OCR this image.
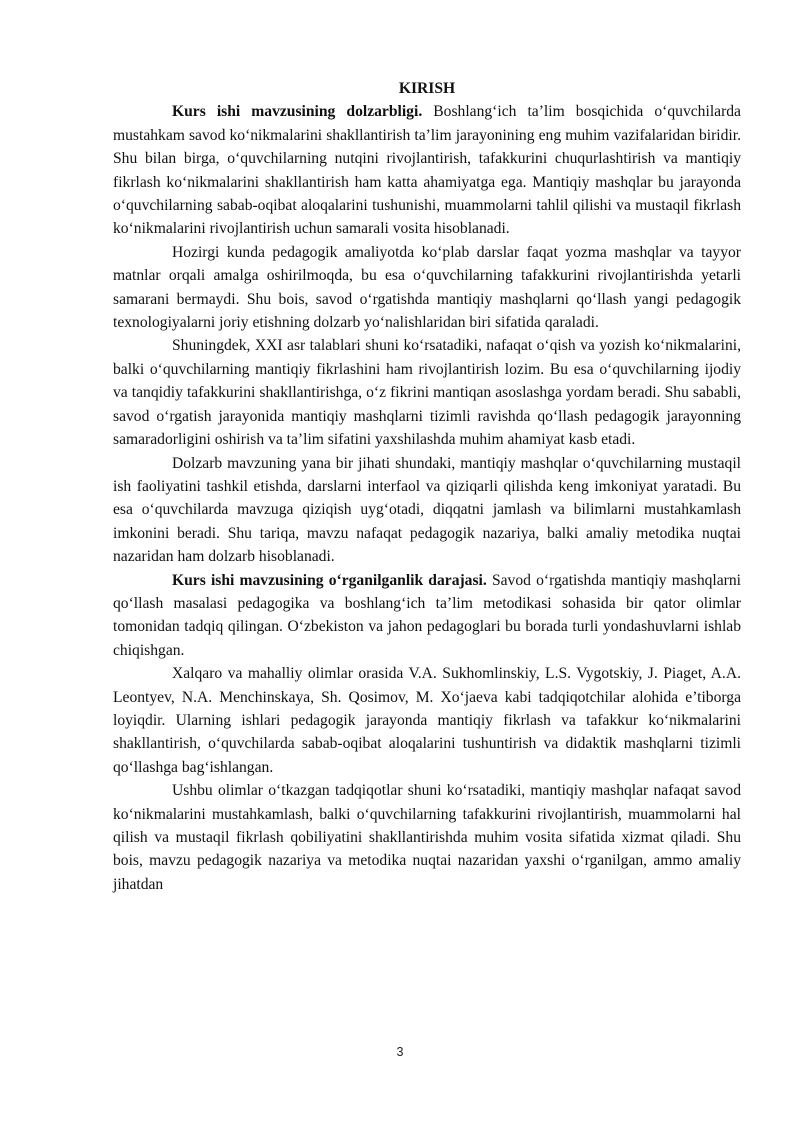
KIRISH

Kurs ishi mavzusining dolzarbligi. Boshlang‘ich ta’lim bosqichida o‘quvchilarda mustahkam savod ko‘nikmalarini shakllantirish ta’lim jarayonining eng muhim vazifalaridan biridir. Shu bilan birga, o‘quvchilarning nutqini rivojlantirish, tafakkurini chuqurlashtirish va mantiqiy fikrlash ko‘nikmalarini shakllantirish ham katta ahamiyatga ega. Mantiqiy mashqlar bu jarayonda o‘quvchilarning sabab-oqibat aloqalarini tushunishi, muammolarni tahlil qilishi va mustaqil fikrlash ko‘nikmalarini rivojlantirish uchun samarali vosita hisoblanadi.

Hozirgi kunda pedagogik amaliyotda ko‘plab darslar faqat yozma mashqlar va tayyor matnlar orqali amalga oshirilmoqda, bu esa o‘quvchilarning tafakkurini rivojlantirishda yetarli samarani bermaydi. Shu bois, savod o‘rgatishda mantiqiy mashqlarni qo‘llash yangi pedagogik texnologiyalarni joriy etishning dolzarb yo‘nalishlaridan biri sifatida qaraladi.

Shuningdek, XXI asr talablari shuni ko‘rsatadiki, nafaqat o‘qish va yozish ko‘nikmalarini, balki o‘quvchilarning mantiqiy fikrlashini ham rivojlantirish lozim. Bu esa o‘quvchilarning ijodiy va tanqidiy tafakkurini shakllantirishga, o‘z fikrini mantiqan asoslashga yordam beradi. Shu sababli, savod o‘rgatish jarayonida mantiqiy mashqlarni tizimli ravishda qo‘llash pedagogik jarayonning samaradorligini oshirish va ta’lim sifatini yaxshilashda muhim ahamiyat kasb etadi.

Dolzarb mavzuning yana bir jihati shundaki, mantiqiy mashqlar o‘quvchilarning mustaqil ish faoliyatini tashkil etishda, darslarni interfaol va qiziqarli qilishda keng imkoniyat yaratadi. Bu esa o‘quvchilarda mavzuga qiziqish uyg‘otadi, diqqatni jamlash va bilimlarni mustahkamlash imkonini beradi. Shu tariqa, mavzu nafaqat pedagogik nazariya, balki amaliy metodika nuqtai nazaridan ham dolzarb hisoblanadi.

Kurs ishi mavzusining o‘rganilganlik darajasi. Savod o‘rgatishda mantiqiy mashqlarni qo‘llash masalasi pedagogika va boshlang‘ich ta’lim metodikasi sohasida bir qator olimlar tomonidan tadqiq qilingan. O‘zbekiston va jahon pedagoglari bu borada turli yondashuvlarni ishlab chiqishgan.

Xalqaro va mahalliy olimlar orasida V.A. Sukhomlinskiy, L.S. Vygotskiy, J. Piaget, A.A. Leontyev, N.A. Menchinskaya, Sh. Qosimov, M. Xo‘jaeva kabi tadqiqotchilar alohida e’tiborga loyiqdir. Ularning ishlari pedagogik jarayonda mantiqiy fikrlash va tafakkur ko‘nikmalarini shakllantirish, o‘quvchilarda sabab-oqibat aloqalarini tushuntirish va didaktik mashqlarni tizimli qo‘llashga bag‘ishlangan.

Ushbu olimlar o‘tkazgan tadqiqotlar shuni ko‘rsatadiki, mantiqiy mashqlar nafaqat savod ko‘nikmalarini mustahkamlash, balki o‘quvchilarning tafakkurini rivojlantirish, muammolarni hal qilish va mustaqil fikrlash qobiliyatini shakllantirishda muhim vosita sifatida xizmat qiladi. Shu bois, mavzu pedagogik nazariya va metodika nuqtai nazaridan yaxshi o‘rganilgan, ammo amaliy jihatdan

3
